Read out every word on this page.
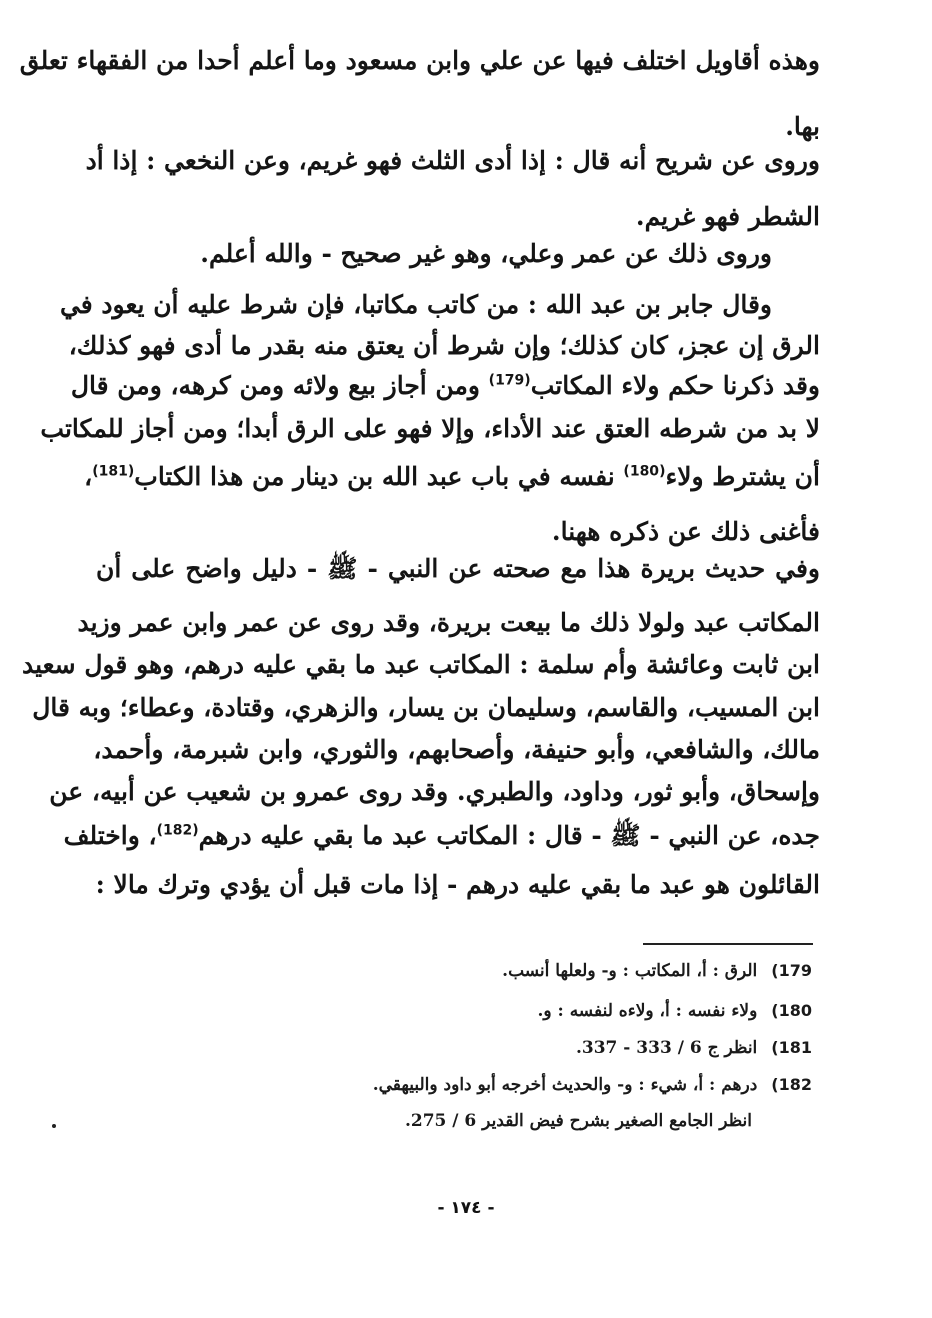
وهذه أقاويل اختلف فيها عن علي وابن مسعود وما أعلم أحدا من الفقهاء تعلق
بها.
وروى عن شريح أنه قال : إذا أدى الثلث فهو غريم، وعن النخعي : إذا أد
الشطر فهو غريم.
وروى ذلك عن عمر وعلي، وهو غير صحيح - والله أعلم.
وقال جابر بن عبد الله : من كاتب مكاتبا، فإن شرط عليه أن يعود في
الرق إن عجز، كان كذلك؛ وإن شرط أن يعتق منه بقدر ما أدى فهو كذلك،
وقد ذكرنا حكم ولاء المكاتب$^{(179)}$ ومن أجاز بيع ولائه ومن كرهه، ومن قال
لا بد من شرطه العتق عند الأداء، وإلا فهو على الرق أبدا؛ ومن أجاز للمكاتب
أن يشترط ولاء$^{(180)}$ نفسه في باب عبد الله بن دينار من هذا الكتاب$^{(181)}$،
فأغنى ذلك عن ذكره ههنا.
وفي حديث بريرة هذا مع صحته عن النبي - ﷺ - دليل واضح على أن
المكاتب عبد ولولا ذلك ما بيعت بريرة، وقد روى عن عمر وابن عمر وزيد
ابن ثابت وعائشة وأم سلمة : المكاتب عبد ما بقي عليه درهم، وهو قول سعيد
ابن المسيب، والقاسم، وسليمان بن يسار، والزهري، وقتادة، وعطاء؛ وبه قال
مالك، والشافعي، وأبو حنيفة، وأصحابهم، والثوري، وابن شبرمة، وأحمد،
وإسحاق، وأبو ثور، وداود، والطبري. وقد روى عمرو بن شعيب عن أبيه، عن
جده، عن النبي - ﷺ - قال : المكاتب عبد ما بقي عليه درهم$^{(182)}$، واختلف
القائلون هو عبد ما بقي عليه درهم - إذا مات قبل أن يؤدي وترك مالا :
179)الرق : أ، المكاتب : و- ولعلها أنسب.
180)ولاء نفسه : أ، ولاءه لنفسه : و.
181)انظر ج 6 / 333 - 337.
182)درهم : أ، شيء : و- والحديث أخرجه أبو داود والبيهقي.
انظر الجامع الصغير بشرح فيض القدير 6 / 275.
- ١٧٤ -
